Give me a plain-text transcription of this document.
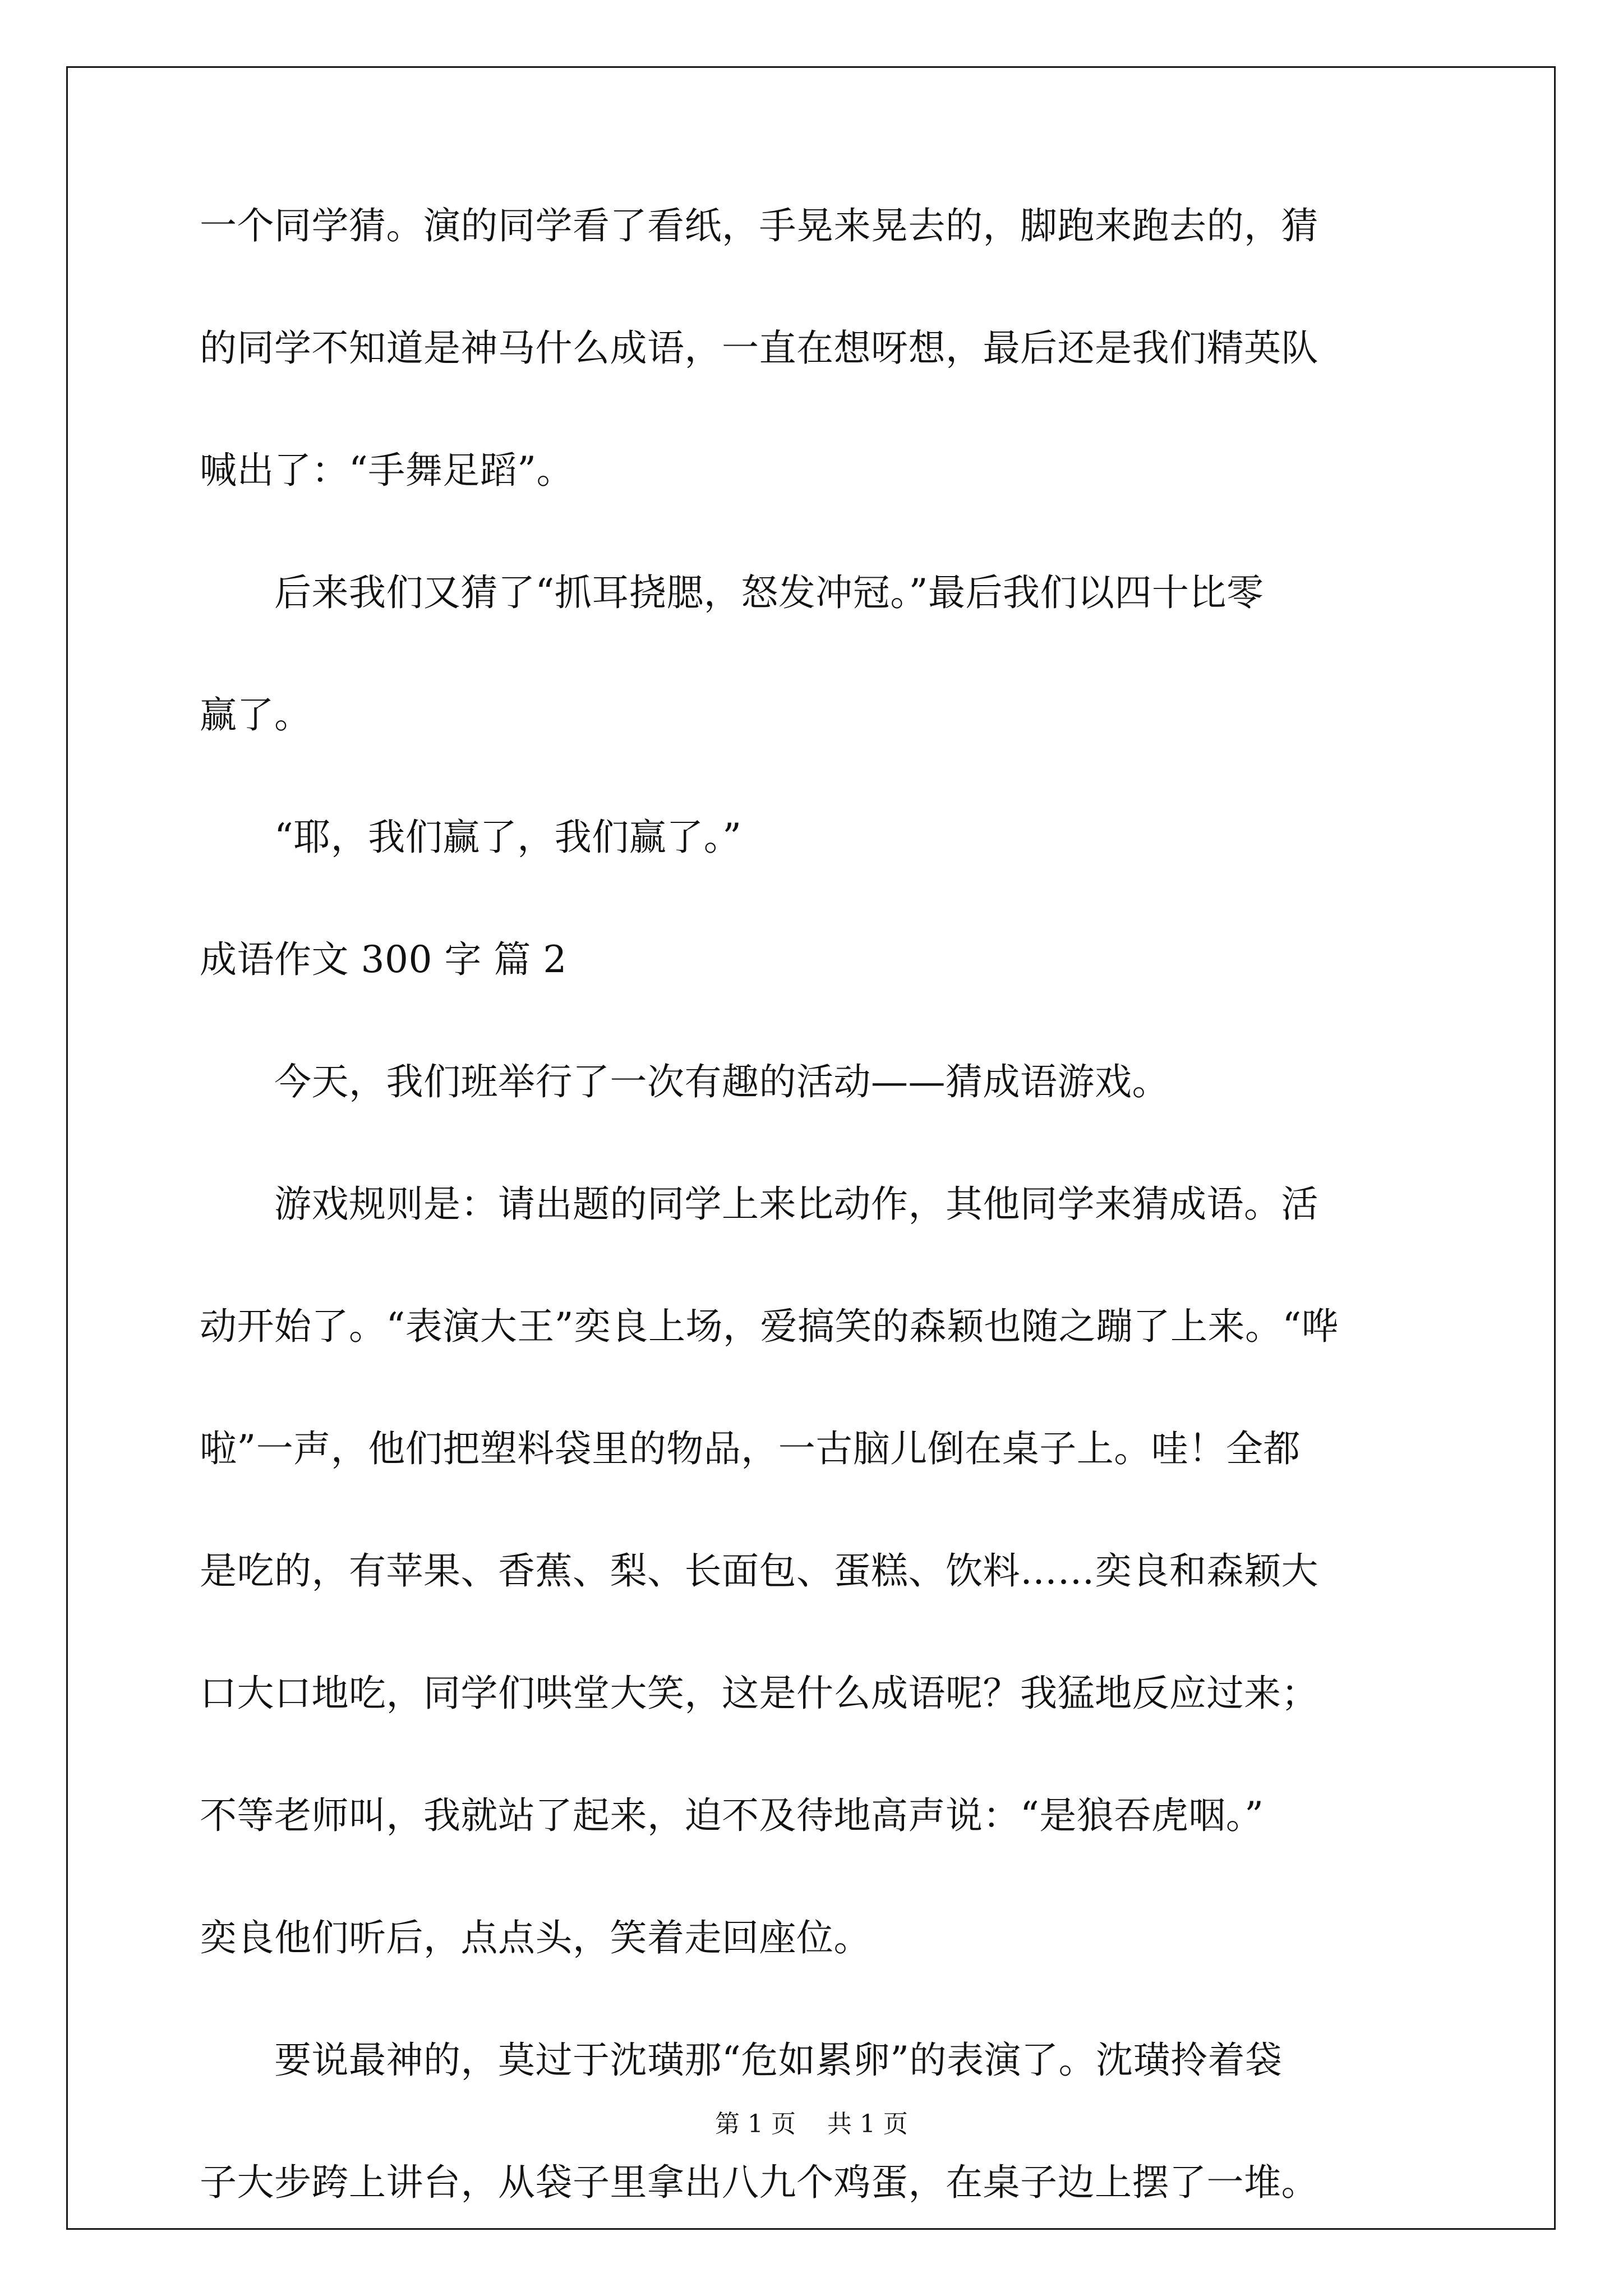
一个同学猜。演的同学看了看纸，手晃来晃去的，脚跑来跑去的，猜
的同学不知道是神马什么成语，一直在想呀想，最后还是我们精英队
喊出了：“手舞足蹈”。
　　后来我们又猜了“抓耳挠腮，怒发冲冠。”最后我们以四十比零
赢了。
　　“耶，我们赢了，我们赢了。”
成语作文 300 字 篇 2
　　今天，我们班举行了一次有趣的活动——猜成语游戏。
　　游戏规则是：请出题的同学上来比动作，其他同学来猜成语。活
动开始了。“表演大王”奕良上场，爱搞笑的森颖也随之蹦了上来。“哗
啦”一声，他们把塑料袋里的物品，一古脑儿倒在桌子上。哇！全都
是吃的，有苹果、香蕉、梨、长面包、蛋糕、饮料……奕良和森颖大
口大口地吃，同学们哄堂大笑，这是什么成语呢？我猛地反应过来；
不等老师叫，我就站了起来，迫不及待地高声说：“是狼吞虎咽。”
奕良他们听后，点点头，笑着走回座位。
　　要说最神的，莫过于沈璜那“危如累卵”的表演了。沈璜拎着袋
子大步跨上讲台，从袋子里拿出八九个鸡蛋，在桌子边上摆了一堆。
第 1 页    共 1 页
